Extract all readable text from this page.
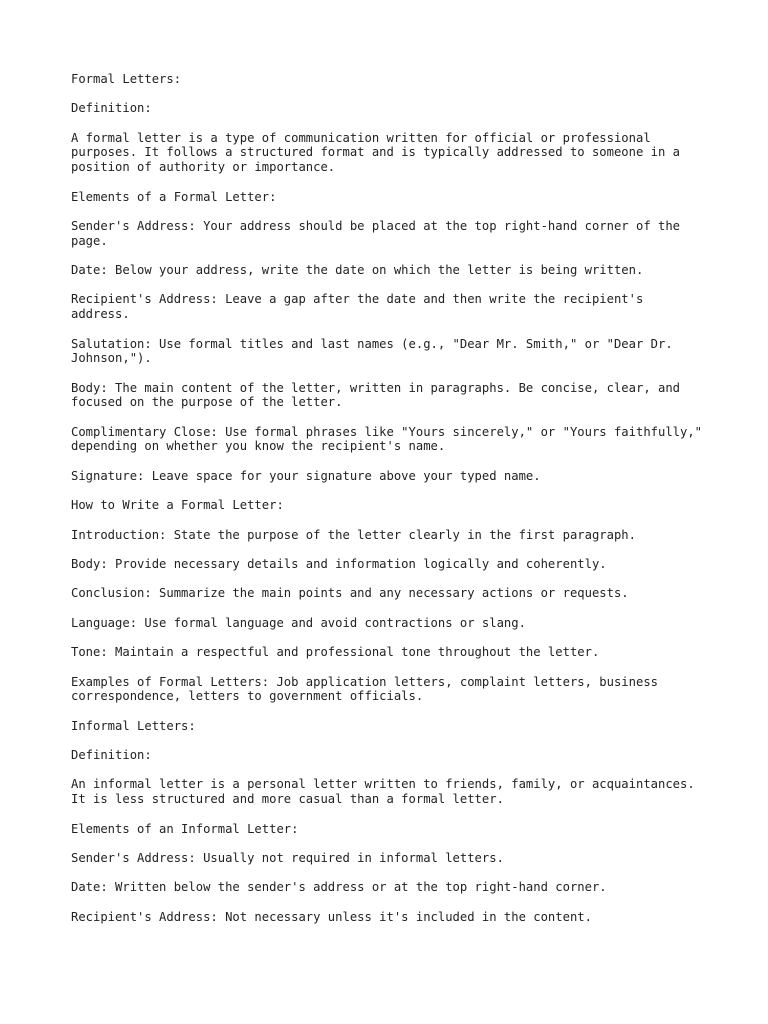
Formal Letters:

Definition:

A formal letter is a type of communication written for official or professional purposes. It follows a structured format and is typically addressed to someone in a position of authority or importance.

Elements of a Formal Letter:

Sender's Address: Your address should be placed at the top right-hand corner of the page.

Date: Below your address, write the date on which the letter is being written.

Recipient's Address: Leave a gap after the date and then write the recipient's address.

Salutation: Use formal titles and last names (e.g., "Dear Mr. Smith," or "Dear Dr. Johnson,").

Body: The main content of the letter, written in paragraphs. Be concise, clear, and focused on the purpose of the letter.

Complimentary Close: Use formal phrases like "Yours sincerely," or "Yours faithfully," depending on whether you know the recipient's name.

Signature: Leave space for your signature above your typed name.

How to Write a Formal Letter:

Introduction: State the purpose of the letter clearly in the first paragraph.

Body: Provide necessary details and information logically and coherently.

Conclusion: Summarize the main points and any necessary actions or requests.

Language: Use formal language and avoid contractions or slang.

Tone: Maintain a respectful and professional tone throughout the letter.

Examples of Formal Letters: Job application letters, complaint letters, business correspondence, letters to government officials.

Informal Letters:

Definition:

An informal letter is a personal letter written to friends, family, or acquaintances. It is less structured and more casual than a formal letter.

Elements of an Informal Letter:

Sender's Address: Usually not required in informal letters.

Date: Written below the sender's address or at the top right-hand corner.

Recipient's Address: Not necessary unless it's included in the content.
